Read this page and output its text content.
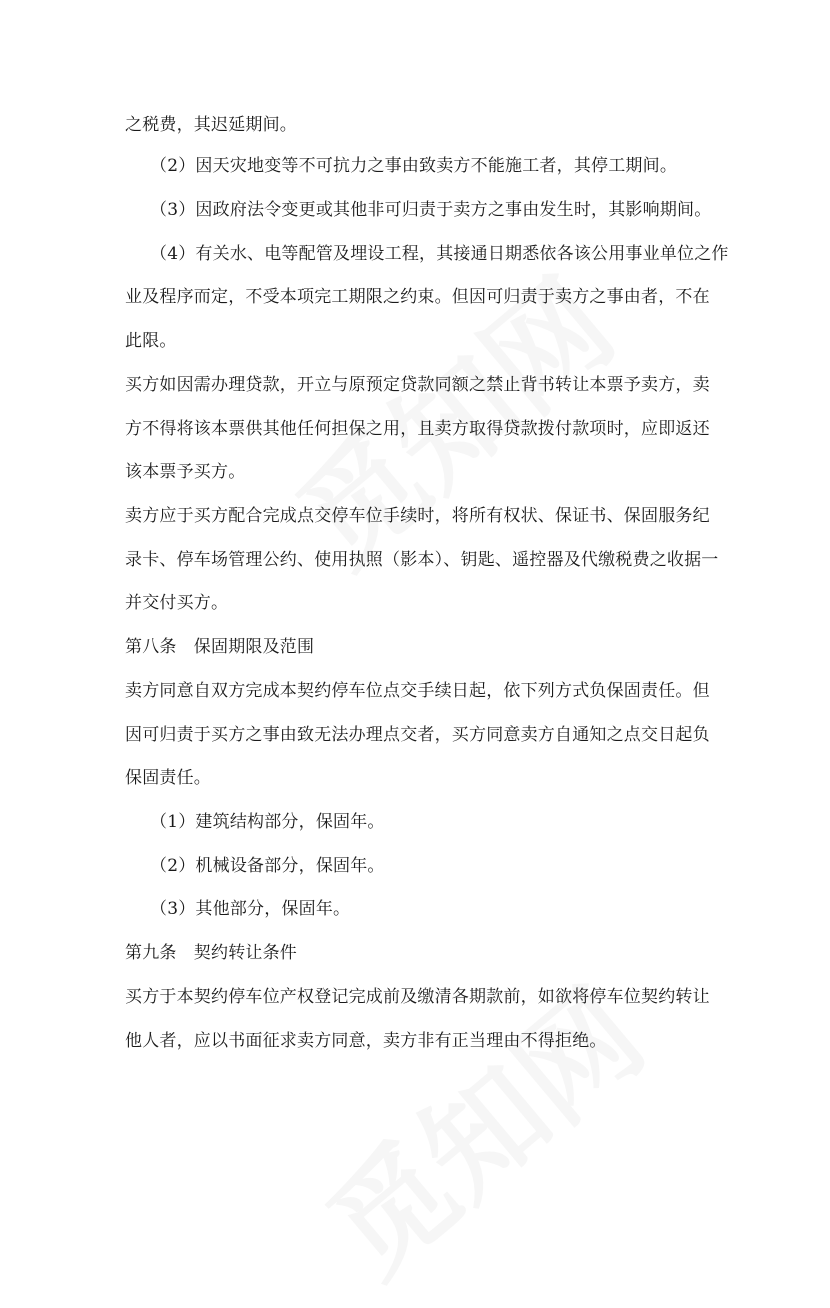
之税费，其迟延期间。
（2）因天灾地变等不可抗力之事由致卖方不能施工者，其停工期间。
（3）因政府法令变更或其他非可归责于卖方之事由发生时，其影响期间。
（4）有关水、电等配管及埋设工程，其接通日期悉依各该公用事业单位之作
业及程序而定，不受本项完工期限之约束。但因可归责于卖方之事由者，不在
此限。
买方如因需办理贷款，开立与原预定贷款同额之禁止背书转让本票予卖方，卖
方不得将该本票供其他任何担保之用，且卖方取得贷款拨付款项时，应即返还
该本票予买方。
卖方应于买方配合完成点交停车位手续时，将所有权状、保证书、保固服务纪
录卡、停车场管理公约、使用执照（影本）、钥匙、遥控器及代缴税费之收据一
并交付买方。
第八条　保固期限及范围
卖方同意自双方完成本契约停车位点交手续日起，依下列方式负保固责任。但
因可归责于买方之事由致无法办理点交者，买方同意卖方自通知之点交日起负
保固责任。
（1）建筑结构部分，保固年。
（2）机械设备部分，保固年。
（3）其他部分，保固年。
第九条　契约转让条件
买方于本契约停车位产权登记完成前及缴清各期款前，如欲将停车位契约转让
他人者，应以书面征求卖方同意，卖方非有正当理由不得拒绝。
